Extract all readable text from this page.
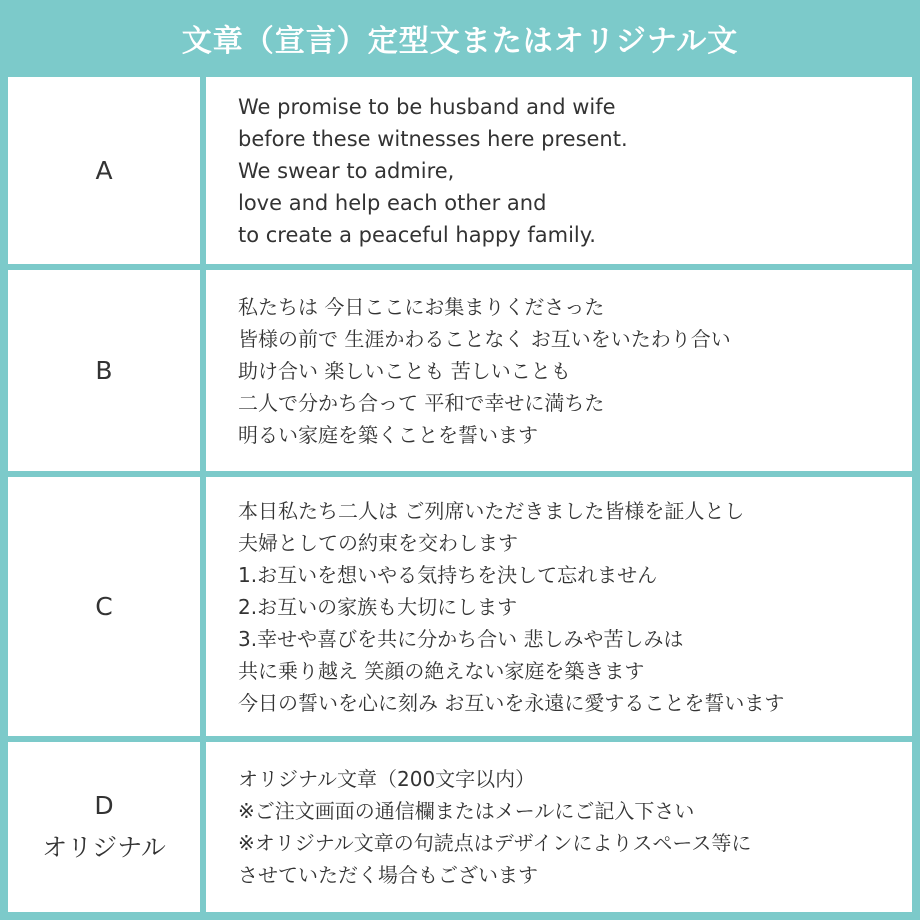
文章（宣言）定型文またはオリジナル文
A
We promise to be husband and wife
before these witnesses here present.
We swear to admire,
love and help each other and
to create a peaceful happy family.
B
私たちは 今日ここにお集まりくださった
皆様の前で 生涯かわることなく お互いをいたわり合い
助け合い 楽しいことも 苦しいことも
二人で分かち合って 平和で幸せに満ちた
明るい家庭を築くことを誓います
C
本日私たち二人は ご列席いただきました皆様を証人とし
夫婦としての約束を交わします
1.お互いを想いやる気持ちを決して忘れません
2.お互いの家族も大切にします
3.幸せや喜びを共に分かち合い 悲しみや苦しみは
共に乗り越え 笑顔の絶えない家庭を築きます
今日の誓いを心に刻み お互いを永遠に愛することを誓います
D
オリジナル
オリジナル文章（200文字以内）
※ご注文画面の通信欄またはメールにご記入下さい
※オリジナル文章の句読点はデザインによりスペース等に
させていただく場合もございます
